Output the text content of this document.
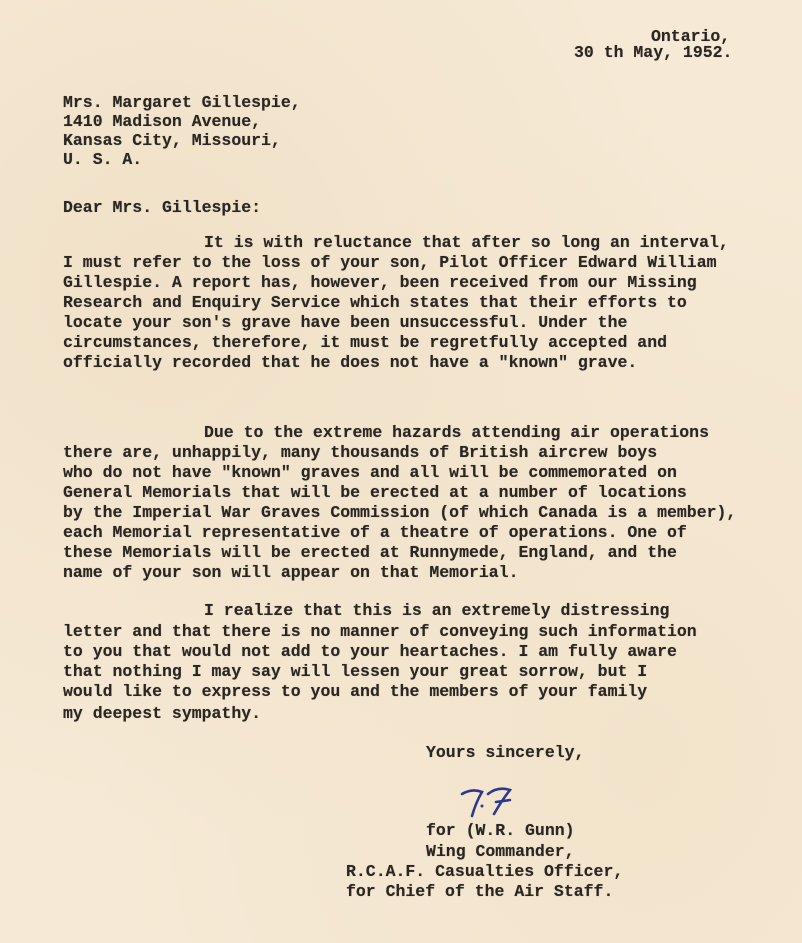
Ontario,
30 th May, 1952.
Mrs. Margaret Gillespie,
1410 Madison Avenue,
Kansas City, Missouri,
U. S. A.
Dear Mrs. Gillespie:
It is with reluctance that after so long an interval,
I must refer to the loss of your son, Pilot Officer Edward William
Gillespie. A report has, however, been received from our Missing
Research and Enquiry Service which states that their efforts to
locate your son's grave have been unsuccessful. Under the
circumstances, therefore, it must be regretfully accepted and
officially recorded that he does not have a "known" grave.
Due to the extreme hazards attending air operations
there are, unhappily, many thousands of British aircrew boys
who do not have "known" graves and all will be commemorated on
General Memorials that will be erected at a number of locations
by the Imperial War Graves Commission (of which Canada is a member),
each Memorial representative of a theatre of operations. One of
these Memorials will be erected at Runnymede, England, and the
name of your son will appear on that Memorial.
I realize that this is an extremely distressing
letter and that there is no manner of conveying such information
to you that would not add to your heartaches. I am fully aware
that nothing I may say will lessen your great sorrow, but I
would like to express to you and the members of your family
my deepest sympathy.
Yours sincerely,
for (W.R. Gunn)
Wing Commander,
R.C.A.F. Casualties Officer,
for Chief of the Air Staff.
